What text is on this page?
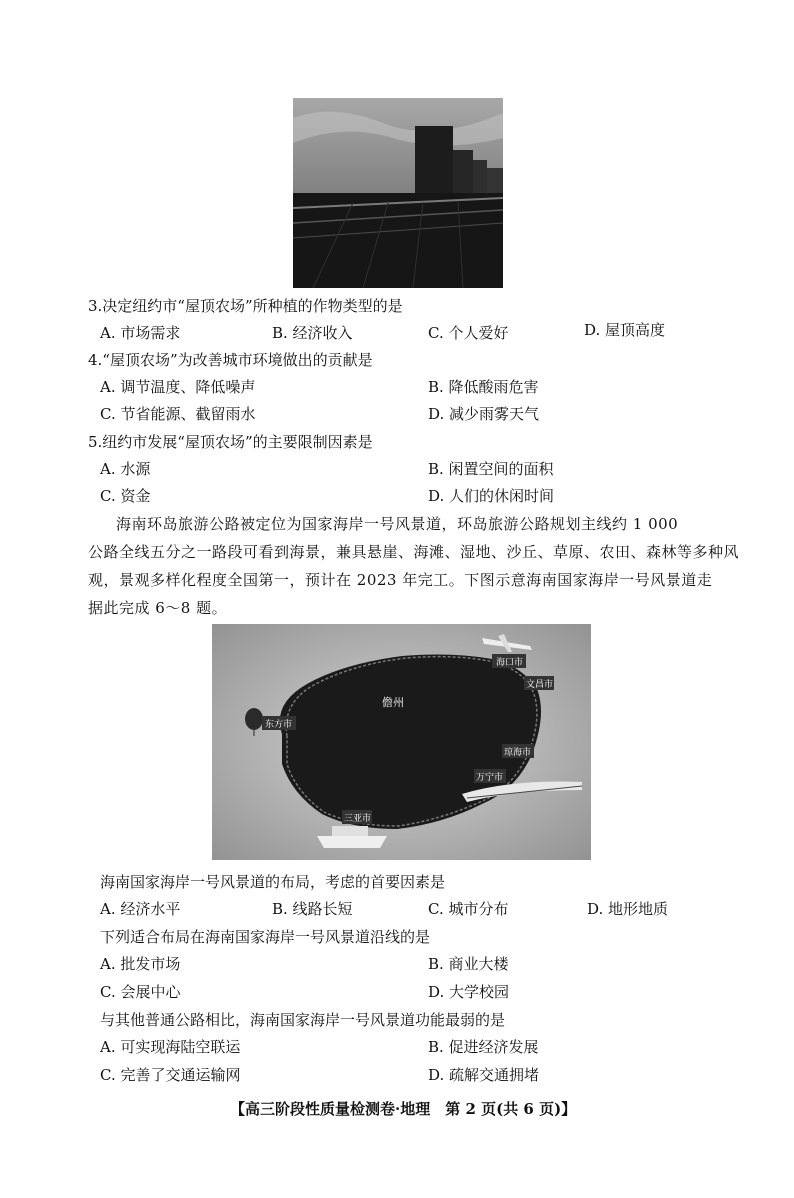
3.决定纽约市“屋顶农场”所种植的作物类型的是
A. 市场需求	B. 经济收入	C. 个人爱好	D. 屋顶高度
4.“屋顶农场”为改善城市环境做出的贡献是
A. 调节温度、降低噪声	B. 降低酸雨危害
C. 节省能源、截留雨水	D. 减少雨雾天气
5.纽约市发展“屋顶农场”的主要限制因素是
A. 水源	B. 闲置空间的面积
C. 资金	D. 人们的休闲时间
海南环岛旅游公路被定位为国家海岸一号风景道，环岛旅游公路规划主线约 1 000
公路全线五分之一路段可看到海景，兼具悬崖、海滩、湿地、沙丘、草原、农田、森林等多种风
观，景观多样化程度全国第一，预计在 2023 年完工。下图示意海南国家海岸一号风景道走
据此完成 6～8 题。
海口市
文昌市
儋州
东方市
琼海市
万宁市
三亚市
海南国家海岸一号风景道的布局，考虑的首要因素是
A. 经济水平	B. 线路长短	C. 城市分布	D. 地形地质
下列适合布局在海南国家海岸一号风景道沿线的是
A. 批发市场	B. 商业大楼
C. 会展中心	D. 大学校园
与其他普通公路相比，海南国家海岸一号风景道功能最弱的是
A. 可实现海陆空联运	B. 促进经济发展
C. 完善了交通运输网	D. 疏解交通拥堵
【高三阶段性质量检测卷·地理　第 2 页(共 6 页)】
